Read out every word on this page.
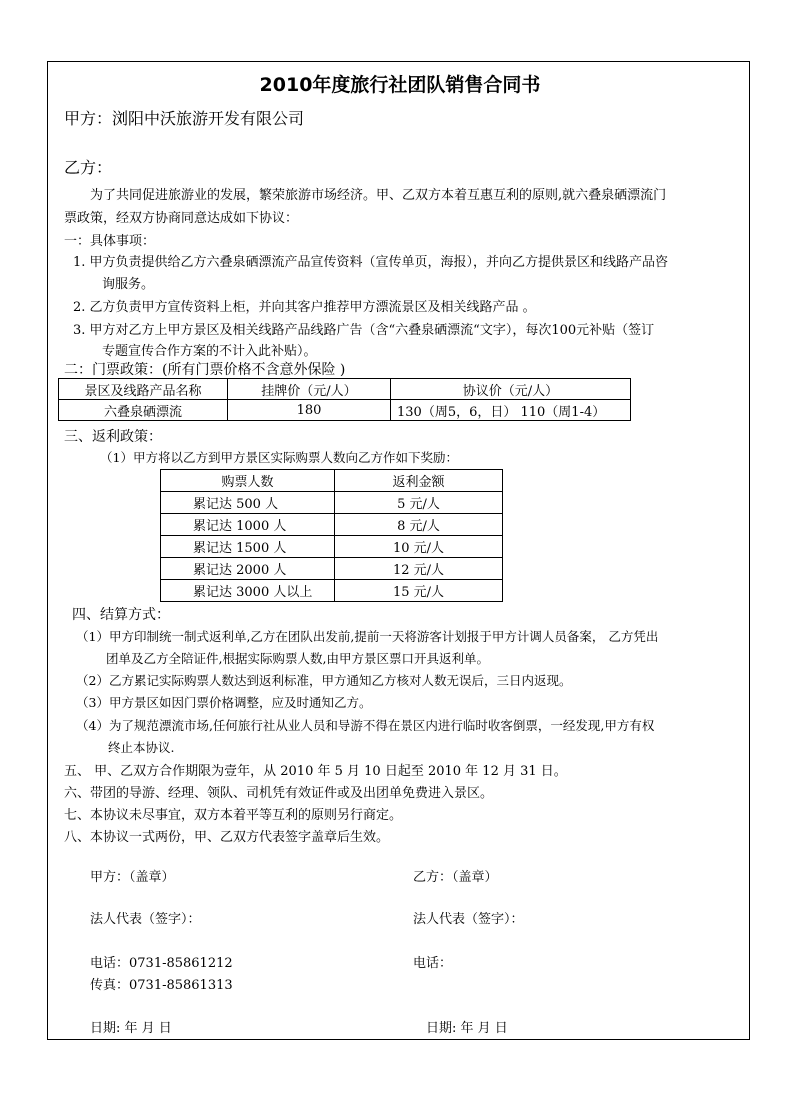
2010年度旅行社团队销售合同书
甲方：浏阳中沃旅游开发有限公司
乙方：
为了共同促进旅游业的发展，繁荣旅游市场经济。甲、乙双方本着互惠互利的原则,就六叠泉硒漂流门
票政策，经双方协商同意达成如下协议：
一：具体事项：
1. 甲方负责提供给乙方六叠泉硒漂流产品宣传资料（宣传单页，海报），并向乙方提供景区和线路产品咨
询服务。
2. 乙方负责甲方宣传资料上柜，并向其客户推荐甲方漂流景区及相关线路产品 。
3. 甲方对乙方上甲方景区及相关线路产品线路广告（含“六叠泉硒漂流“文字），每次100元补贴（签订
专题宣传合作方案的不计入此补贴）。
二：门票政策：(所有门票价格不含意外保险 )
景区及线路产品名称	挂牌价（元/人）	协议价（元/人）
六叠泉硒漂流	180	130（周5，6，日） 110（周1-4）
三、返利政策：
（1）甲方将以乙方到甲方景区实际购票人数向乙方作如下奖励：
购票人数	返利金额
累记达 500 人	5 元/人
累记达 1000 人	8 元/人
累记达 1500 人	10 元/人
累记达 2000 人	12 元/人
累记达 3000 人以上	15 元/人
四、结算方式：
（1）甲方印制统一制式返利单,乙方在团队出发前,提前一天将游客计划报于甲方计调人员备案， 乙方凭出
团单及乙方全陪证件,根据实际购票人数,由甲方景区票口开具返利单。
（2）乙方累记实际购票人数达到返利标准，甲方通知乙方核对人数无误后，三日内返现。
（3）甲方景区如因门票价格调整，应及时通知乙方。
（4）为了规范漂流市场,任何旅行社从业人员和导游不得在景区内进行临时收客倒票，一经发现,甲方有权
终止本协议.
五、 甲、乙双方合作期限为壹年，从 2010 年 5 月 10 日起至 2010 年 12 月 31 日。
六、带团的导游、经理、领队、司机凭有效证件或及出团单免费进入景区。
七、本协议未尽事宜，双方本着平等互利的原则另行商定。
八、本协议一式两份，甲、乙双方代表签字盖章后生效。
甲方：（盖章）	乙方：（盖章）
法人代表（签字）：	法人代表（签字）：
电话：0731-85861212	电话：
传真：0731-85861313
日期: 年 月 日	日期: 年 月 日
